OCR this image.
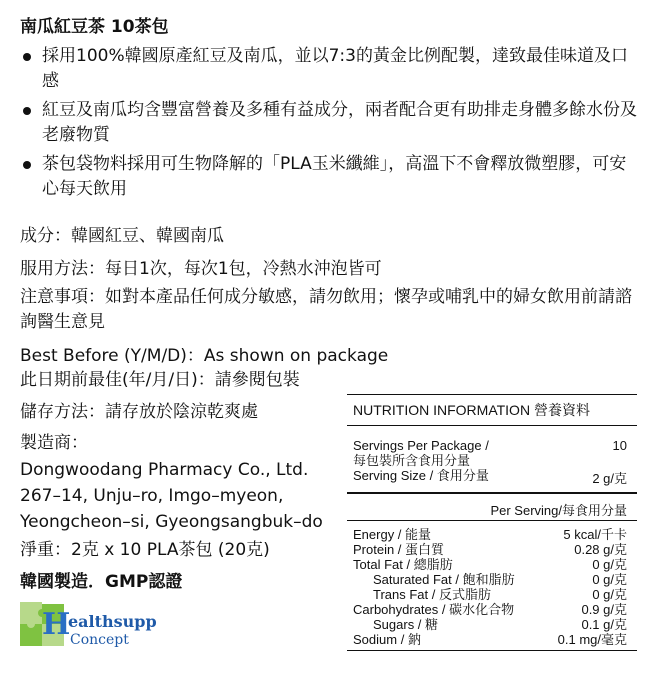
南瓜紅豆茶 10茶包
採用100%韓國原產紅豆及南瓜，並以7:3的黃金比例配製，達致最佳味道及口感
紅豆及南瓜均含豐富營養及多種有益成分，兩者配合更有助排走身體多餘水份及老廢物質
茶包袋物料採用可生物降解的「PLA玉米纖維」，高溫下不會釋放微塑膠，可安心每天飲用
成分：韓國紅豆、韓國南瓜
服用方法：每日1次，每次1包，冷熱水沖泡皆可
注意事項：如對本產品任何成分敏感，請勿飲用；懷孕或哺乳中的婦女飲用前請諮詢醫生意見
Best Before (Y/M/D)：As shown on package
此日期前最佳(年/月/日)：請參閱包裝
儲存方法：請存放於陰涼乾爽處
製造商：
Dongwoodang Pharmacy Co., Ltd.
267–14, Unju–ro, Imgo–myeon,
Yeongcheon–si, Gyeongsangbuk–do
淨重：2克 x 10 PLA茶包 (20克)
韓國製造．GMP認證
H
ealthsupp
Concept
NUTRITION INFORMATION 營養資料
Servings Per Package /	10
每包裝所含食用分量
Serving Size / 食用分量	2 g/克
Per Serving/每食用分量
Energy / 能量	5 kcal/千卡
Protein / 蛋白質	0.28 g/克
Total Fat / 總脂肪	0 g/克
Saturated Fat / 飽和脂肪	0 g/克
Trans Fat / 反式脂肪	0 g/克
Carbohydrates / 碳水化合物	0.9 g/克
Sugars / 糖	0.1 g/克
Sodium / 鈉	0.1 mg/毫克
